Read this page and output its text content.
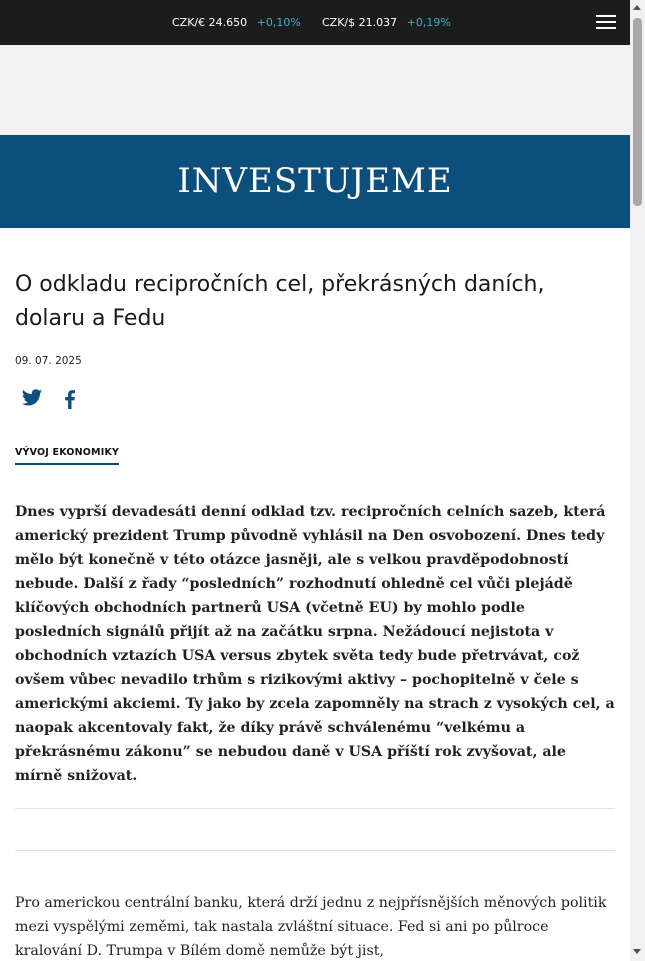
CZK/€ 24.650 +0,10% CZK/$ 21.037 +0,19%
INVESTUJEME
O odkladu recipročních cel, překrásných daních, dolaru a Fedu
09. 07. 2025
VÝVOJ EKONOMIKY

Dnes vyprší devadesáti denní odklad tzv. recipročních celních sazeb, která americký prezident Trump původně vyhlásil na Den osvobození. Dnes tedy mělo být konečně v této otázce jasněji, ale s velkou pravděpodobností nebude. Další z řady “posledních” rozhodnutí ohledně cel vůči plejádě klíčových obchodních partnerů USA (včetně EU) by mohlo podle posledních signálů přijít až na začátku srpna. Nežádoucí nejistota v obchodních vztazích USA versus zbytek světa tedy bude přetrvávat, což ovšem vůbec nevadilo trhům s rizikovými aktivy – pochopitelně v čele s americkými akciemi. Ty jako by zcela zapomněly na strach z vysokých cel, a naopak akcentovaly fakt, že díky právě schválenému “velkému a překrásnému zákonu” se nebudou daně v USA příští rok zvyšovat, ale mírně snižovat.

Pro americkou centrální banku, která drží jednu z nejpřísnějších měnových politik mezi vyspělými zeměmi, tak nastala zvláštní situace. Fed si ani po půlroce kralování D. Trumpa v Bílém domě nemůže být jist,
